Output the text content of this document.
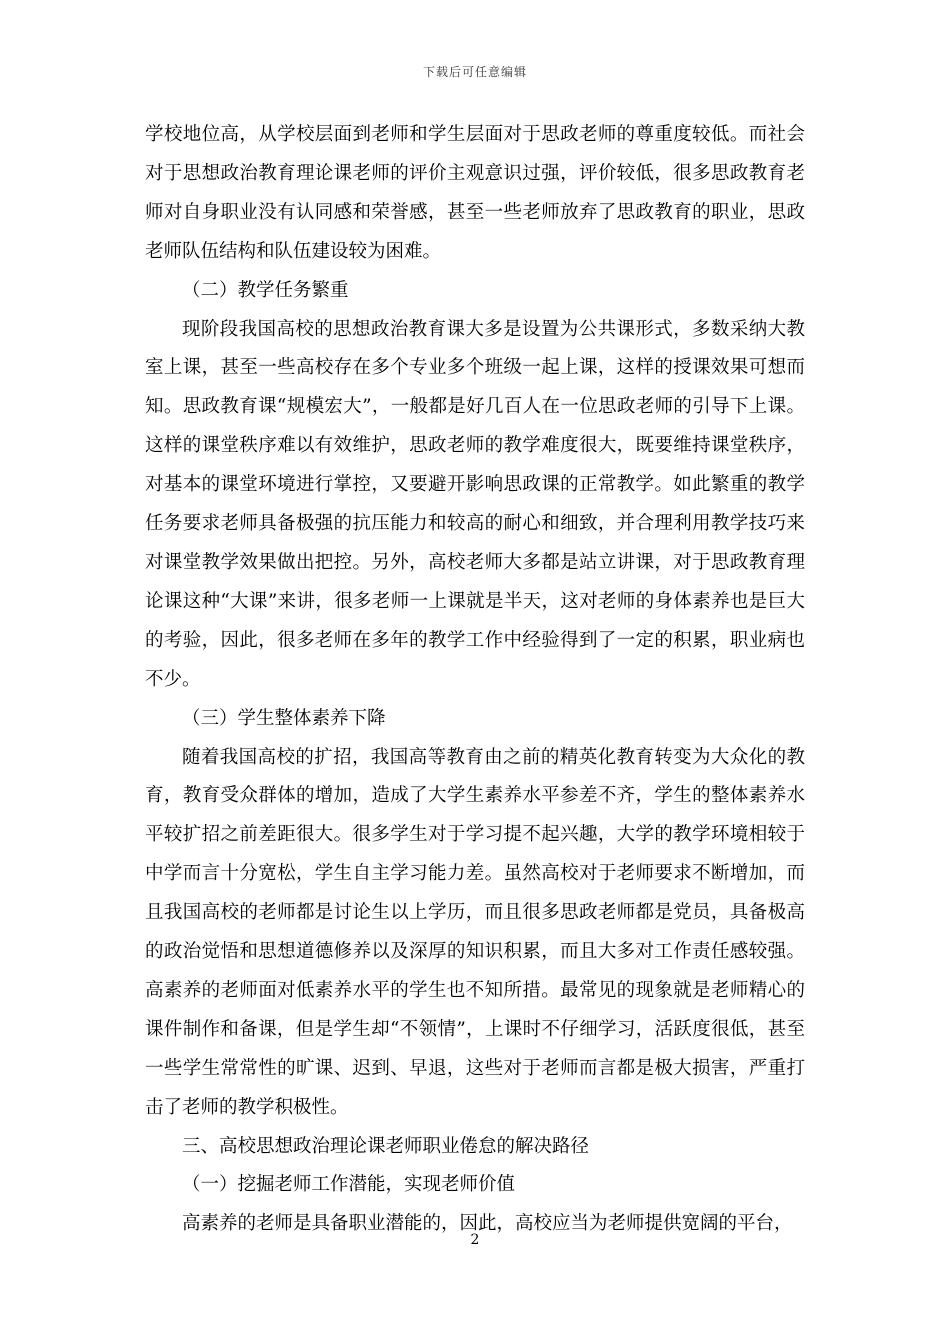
下载后可任意编辑

学校地位高，从学校层面到老师和学生层面对于思政老师的尊重度较低。而社会对于思想政治教育理论课老师的评价主观意识过强，评价较低，很多思政教育老师对自身职业没有认同感和荣誉感，甚至一些老师放弃了思政教育的职业，思政老师队伍结构和队伍建设较为困难。

（二）教学任务繁重

现阶段我国高校的思想政治教育课大多是设置为公共课形式，多数采纳大教室上课，甚至一些高校存在多个专业多个班级一起上课，这样的授课效果可想而知。思政教育课“规模宏大”，一般都是好几百人在一位思政老师的引导下上课。这样的课堂秩序难以有效维护，思政老师的教学难度很大，既要维持课堂秩序，对基本的课堂环境进行掌控，又要避开影响思政课的正常教学。如此繁重的教学任务要求老师具备极强的抗压能力和较高的耐心和细致，并合理利用教学技巧来对课堂教学效果做出把控。另外，高校老师大多都是站立讲课，对于思政教育理论课这种“大课”来讲，很多老师一上课就是半天，这对老师的身体素养也是巨大的考验，因此，很多老师在多年的教学工作中经验得到了一定的积累，职业病也不少。

（三）学生整体素养下降

随着我国高校的扩招，我国高等教育由之前的精英化教育转变为大众化的教育，教育受众群体的增加，造成了大学生素养水平参差不齐，学生的整体素养水平较扩招之前差距很大。很多学生对于学习提不起兴趣，大学的教学环境相较于中学而言十分宽松，学生自主学习能力差。虽然高校对于老师要求不断增加，而且我国高校的老师都是讨论生以上学历，而且很多思政老师都是党员，具备极高的政治觉悟和思想道德修养以及深厚的知识积累，而且大多对工作责任感较强。高素养的老师面对低素养水平的学生也不知所措。最常见的现象就是老师精心的课件制作和备课，但是学生却“不领情”，上课时不仔细学习，活跃度很低，甚至一些学生常常性的旷课、迟到、早退，这些对于老师而言都是极大损害，严重打击了老师的教学积极性。

三、高校思想政治理论课老师职业倦怠的解决路径

（一）挖掘老师工作潜能，实现老师价值

高素养的老师是具备职业潜能的，因此，高校应当为老师提供宽阔的平台，

2
